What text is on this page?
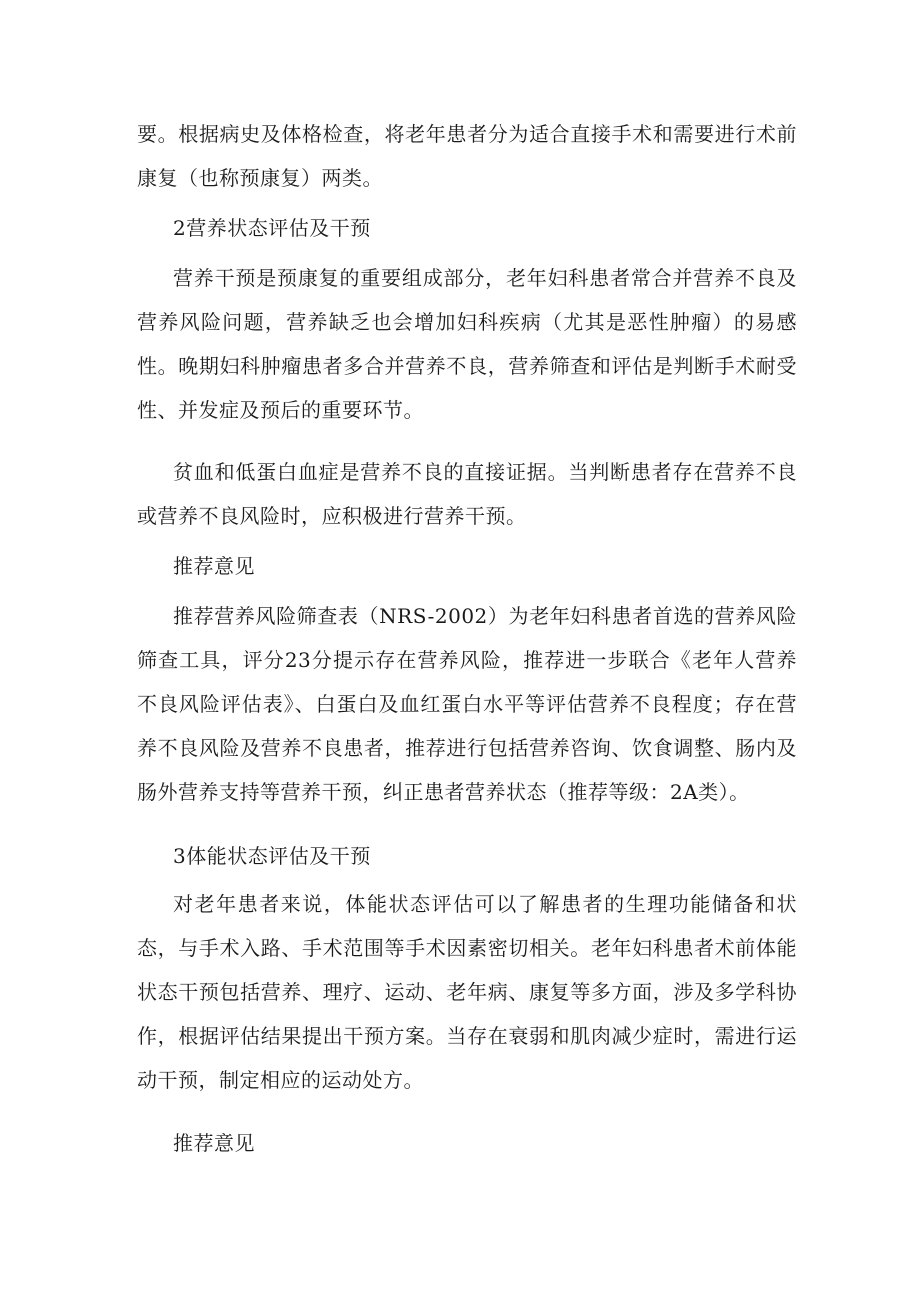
要。根据病史及体格检查，将老年患者分为适合直接手术和需要进行术前康复（也称预康复）两类。

2营养状态评估及干预

营养干预是预康复的重要组成部分，老年妇科患者常合并营养不良及营养风险问题，营养缺乏也会增加妇科疾病（尤其是恶性肿瘤）的易感性。晚期妇科肿瘤患者多合并营养不良，营养筛查和评估是判断手术耐受性、并发症及预后的重要环节。

贫血和低蛋白血症是营养不良的直接证据。当判断患者存在营养不良或营养不良风险时，应积极进行营养干预。

推荐意见

推荐营养风险筛查表（NRS-2002）为老年妇科患者首选的营养风险筛查工具，评分23分提示存在营养风险，推荐进一步联合《老年人营养不良风险评估表》、白蛋白及血红蛋白水平等评估营养不良程度；存在营养不良风险及营养不良患者，推荐进行包括营养咨询、饮食调整、肠内及肠外营养支持等营养干预，纠正患者营养状态（推荐等级：2A类）。

3体能状态评估及干预

对老年患者来说，体能状态评估可以了解患者的生理功能储备和状态，与手术入路、手术范围等手术因素密切相关。老年妇科患者术前体能状态干预包括营养、理疗、运动、老年病、康复等多方面，涉及多学科协作，根据评估结果提出干预方案。当存在衰弱和肌肉减少症时，需进行运动干预，制定相应的运动处方。

推荐意见
